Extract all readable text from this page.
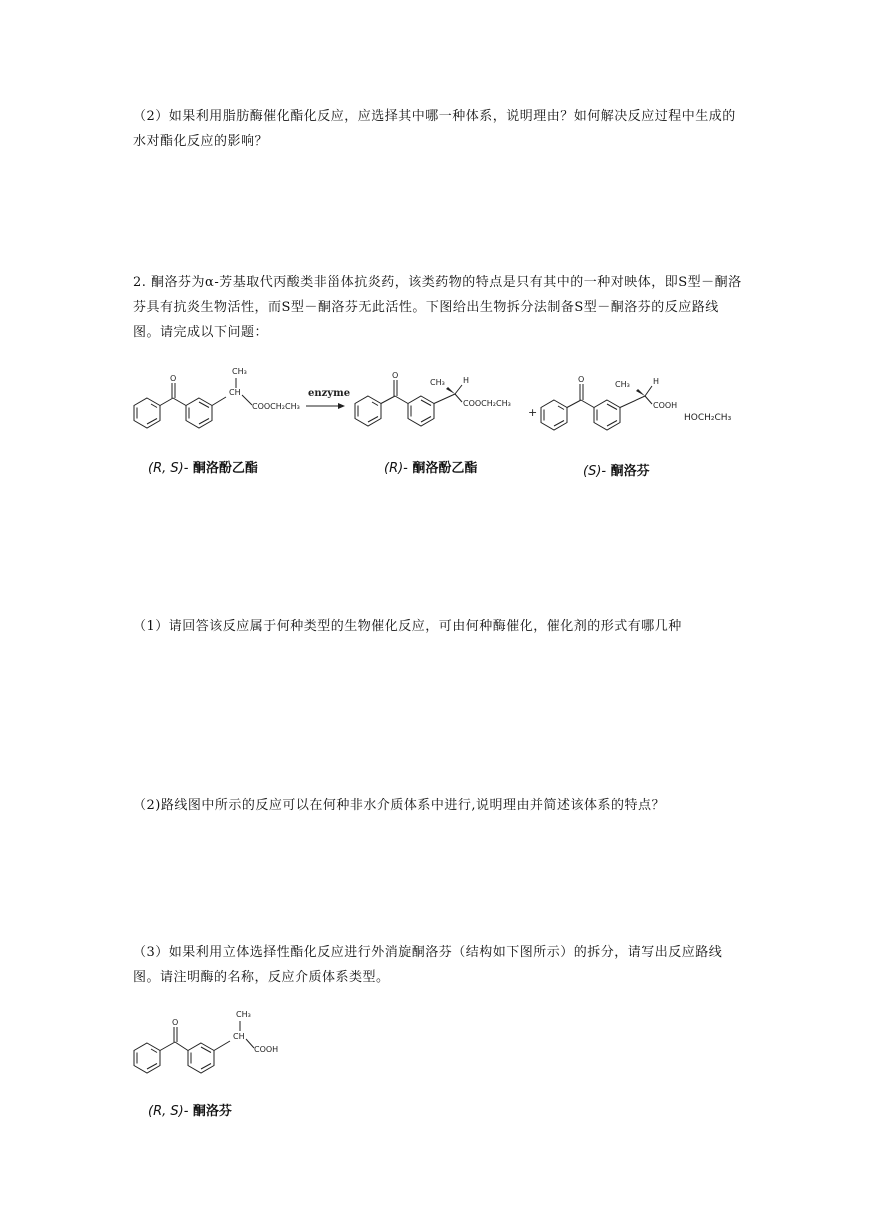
（2）如果利用脂肪酶催化酯化反应，应选择其中哪一种体系，说明理由？如何解决反应过程中生成的水对酯化反应的影响？

2. 酮洛芬为α-芳基取代丙酸类非甾体抗炎药，该类药物的特点是只有其中的一种对映体，即S型－酮洛芬具有抗炎生物活性，而S型－酮洛芬无此活性。下图给出生物拆分法制备S型－酮洛芬的反应路线图。请完成以下问题：

（1）请回答该反应属于何种类型的生物催化反应，可由何种酶催化，催化剂的形式有哪几种

（2)路线图中所示的反应可以在何种非水介质体系中进行,说明理由并简述该体系的特点？

（3）如果利用立体选择性酯化反应进行外消旋酮洛芬（结构如下图所示）的拆分，请写出反应路线图。请注明酶的名称，反应介质体系类型。

O
CH₃
CH
COOCH₂CH₃
enzyme
O
CH₃ H
COOCH₂CH₃
+
O
CH₃	H
COOH
HOCH₂CH₃
(R, S)- 酮洛酚乙酯	(R)- 酮洛酚乙酯	(S)- 酮洛芬
O
CH₃
CH
COOH
(R, S)- 酮洛芬
